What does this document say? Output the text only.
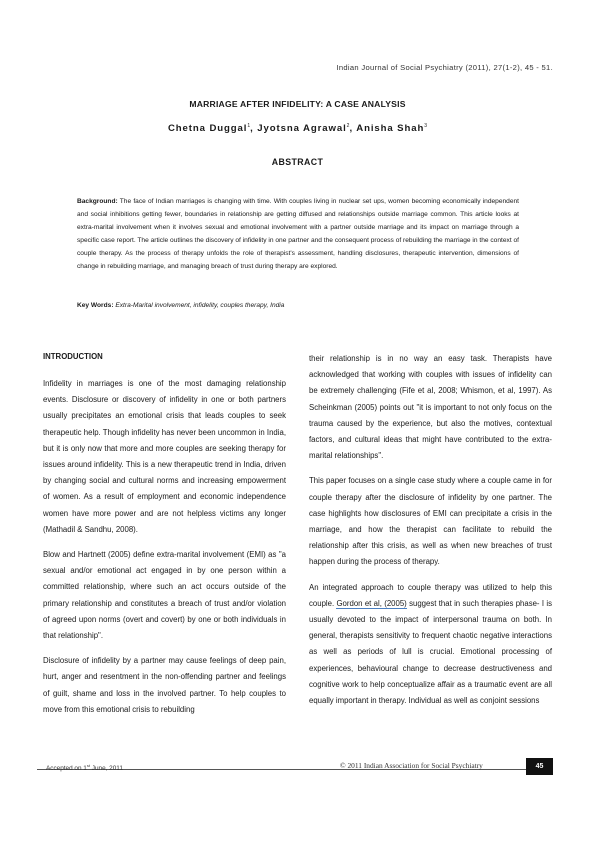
Indian Journal of Social Psychiatry (2011), 27(1-2), 45 - 51.
MARRIAGE AFTER INFIDELITY: A CASE ANALYSIS
Chetna Duggal$^1$, Jyotsna Agrawal$^2$, Anisha Shah$^3$
ABSTRACT

Background: The face of Indian marriages is changing with time. With couples living in nuclear set ups, women becoming economically independent and social inhibitions getting fewer, boundaries in relationship are getting diffused and relationships outside marriage common. This article looks at extra-marital involvement when it involves sexual and emotional involvement with a partner outside marriage and its impact on marriage through a specific case report. The article outlines the discovery of infidelity in one partner and the consequent process of rebuilding the marriage in the context of couple therapy. As the process of therapy unfolds the role of therapist's assessment, handling disclosures, therapeutic intervention, dimensions of change in rebuilding marriage, and managing breach of trust during therapy are explored.

Key Words: Extra-Marital involvement, infidelity, couples therapy, India

INTRODUCTION

Infidelity in marriages is one of the most damaging relationship events. Disclosure or discovery of infidelity in one or both partners usually precipitates an emotional crisis that leads couples to seek therapeutic help. Though infidelity has never been uncommon in India, but it is only now that more and more couples are seeking therapy for issues around infidelity. This is a new therapeutic trend in India, driven by changing social and cultural norms and increasing empowerment of women. As a result of employment and economic independence women have more power and are not helpless victims any longer (Mathadil & Sandhu, 2008).

Blow and Hartnett (2005) define extra-marital involvement (EMI) as "a sexual and/or emotional act engaged in by one person within a committed relationship, where such an act occurs outside of the primary relationship and constitutes a breach of trust and/or violation of agreed upon norms (overt and covert) by one or both individuals in that relationship".

Disclosure of infidelity by a partner may cause feelings of deep pain, hurt, anger and resentment in the non-offending partner and feelings of guilt, shame and loss in the involved partner. To help couples to move from this emotional crisis to rebuilding

their relationship is in no way an easy task. Therapists have acknowledged that working with couples with issues of infidelity can be extremely challenging (Fife et al, 2008; Whismon, et al, 1997). As Scheinkman (2005) points out "it is important to not only focus on the trauma caused by the experience, but also the motives, contextual factors, and cultural ideas that might have contributed to the extra-marital relationships".

This paper focuses on a single case study where a couple came in for couple therapy after the disclosure of infidelity by one partner. The case highlights how disclosures of EMI can precipitate a crisis in the marriage, and how the therapist can facilitate to rebuild the relationship after this crisis, as well as when new breaches of trust happen during the process of therapy.

An integrated approach to couple therapy was utilized to help this couple. Gordon et al, (2005) suggest that in such therapies phase- I is usually devoted to the impact of interpersonal trauma on both. In general, therapists sensitivity to frequent chaotic negative interactions as well as periods of lull is crucial. Emotional processing of experiences, behavioural change to decrease destructiveness and cognitive work to help conceptualize affair as a traumatic event are all equally important in therapy. Individual as well as conjoint sessions

Accepted on 1st June, 2011	© 2011 Indian Association for Social Psychiatry	45
